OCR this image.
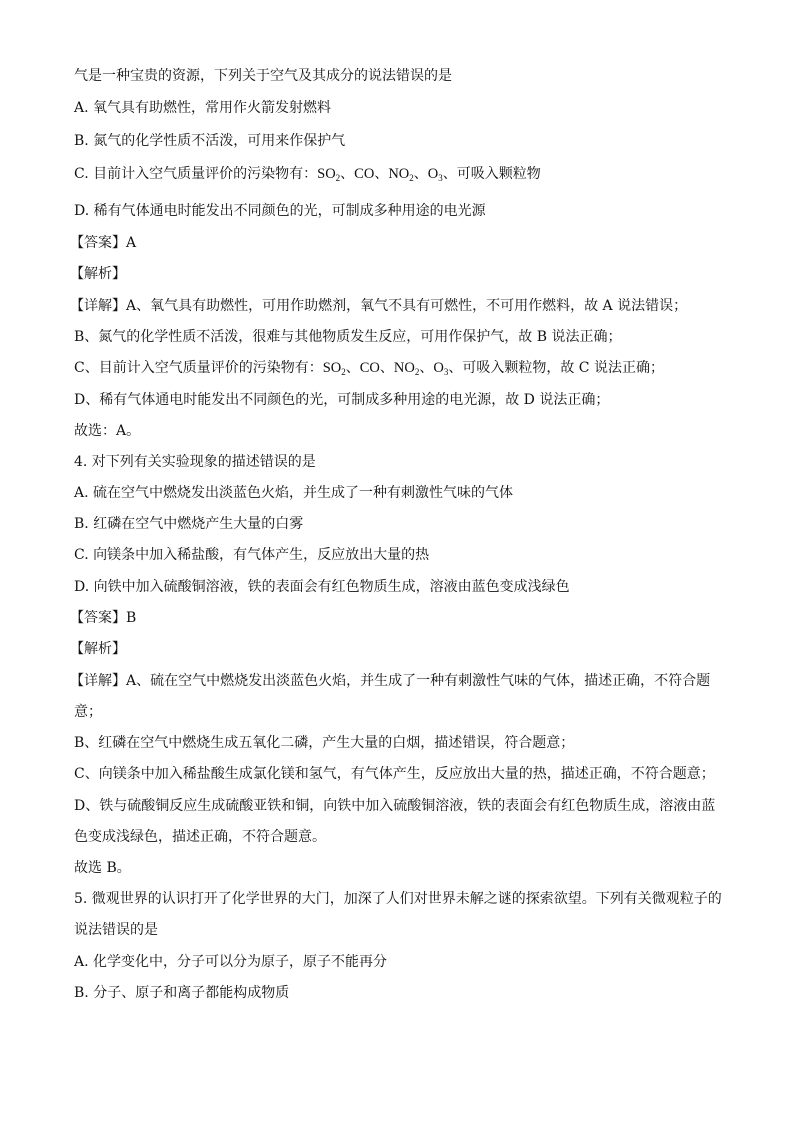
气是一种宝贵的资源，下列关于空气及其成分的说法错误的是
A. 氧气具有助燃性，常用作火箭发射燃料
B. 氮气的化学性质不活泼，可用来作保护气
C. 目前计入空气质量评价的污染物有：$SO_2$、CO、$NO_2$、$O_3$、可吸入颗粒物
D. 稀有气体通电时能发出不同颜色的光，可制成多种用途的电光源
【答案】A
【解析】
【详解】A、氧气具有助燃性，可用作助燃剂，氧气不具有可燃性，不可用作燃料，故 A 说法错误；
B、氮气的化学性质不活泼，很难与其他物质发生反应，可用作保护气，故 B 说法正确；
C、目前计入空气质量评价的污染物有：$SO_2$、CO、$NO_2$、$O_3$、可吸入颗粒物，故 C 说法正确；
D、稀有气体通电时能发出不同颜色的光，可制成多种用途的电光源，故 D 说法正确；
故选：A。
4. 对下列有关实验现象的描述错误的是
A. 硫在空气中燃烧发出淡蓝色火焰，并生成了一种有刺激性气味的气体
B. 红磷在空气中燃烧产生大量的白雾
C. 向镁条中加入稀盐酸，有气体产生，反应放出大量的热
D. 向铁中加入硫酸铜溶液，铁的表面会有红色物质生成，溶液由蓝色变成浅绿色
【答案】B
【解析】
【详解】A、硫在空气中燃烧发出淡蓝色火焰，并生成了一种有刺激性气味的气体，描述正确，不符合题
意；
B、红磷在空气中燃烧生成五氧化二磷，产生大量的白烟，描述错误，符合题意；
C、向镁条中加入稀盐酸生成氯化镁和氢气，有气体产生，反应放出大量的热，描述正确，不符合题意；
D、铁与硫酸铜反应生成硫酸亚铁和铜，向铁中加入硫酸铜溶液，铁的表面会有红色物质生成，溶液由蓝
色变成浅绿色，描述正确，不符合题意。
故选 B。
5. 微观世界的认识打开了化学世界的大门，加深了人们对世界未解之谜的探索欲望。下列有关微观粒子的
说法错误的是
A. 化学变化中，分子可以分为原子，原子不能再分
B. 分子、原子和离子都能构成物质
